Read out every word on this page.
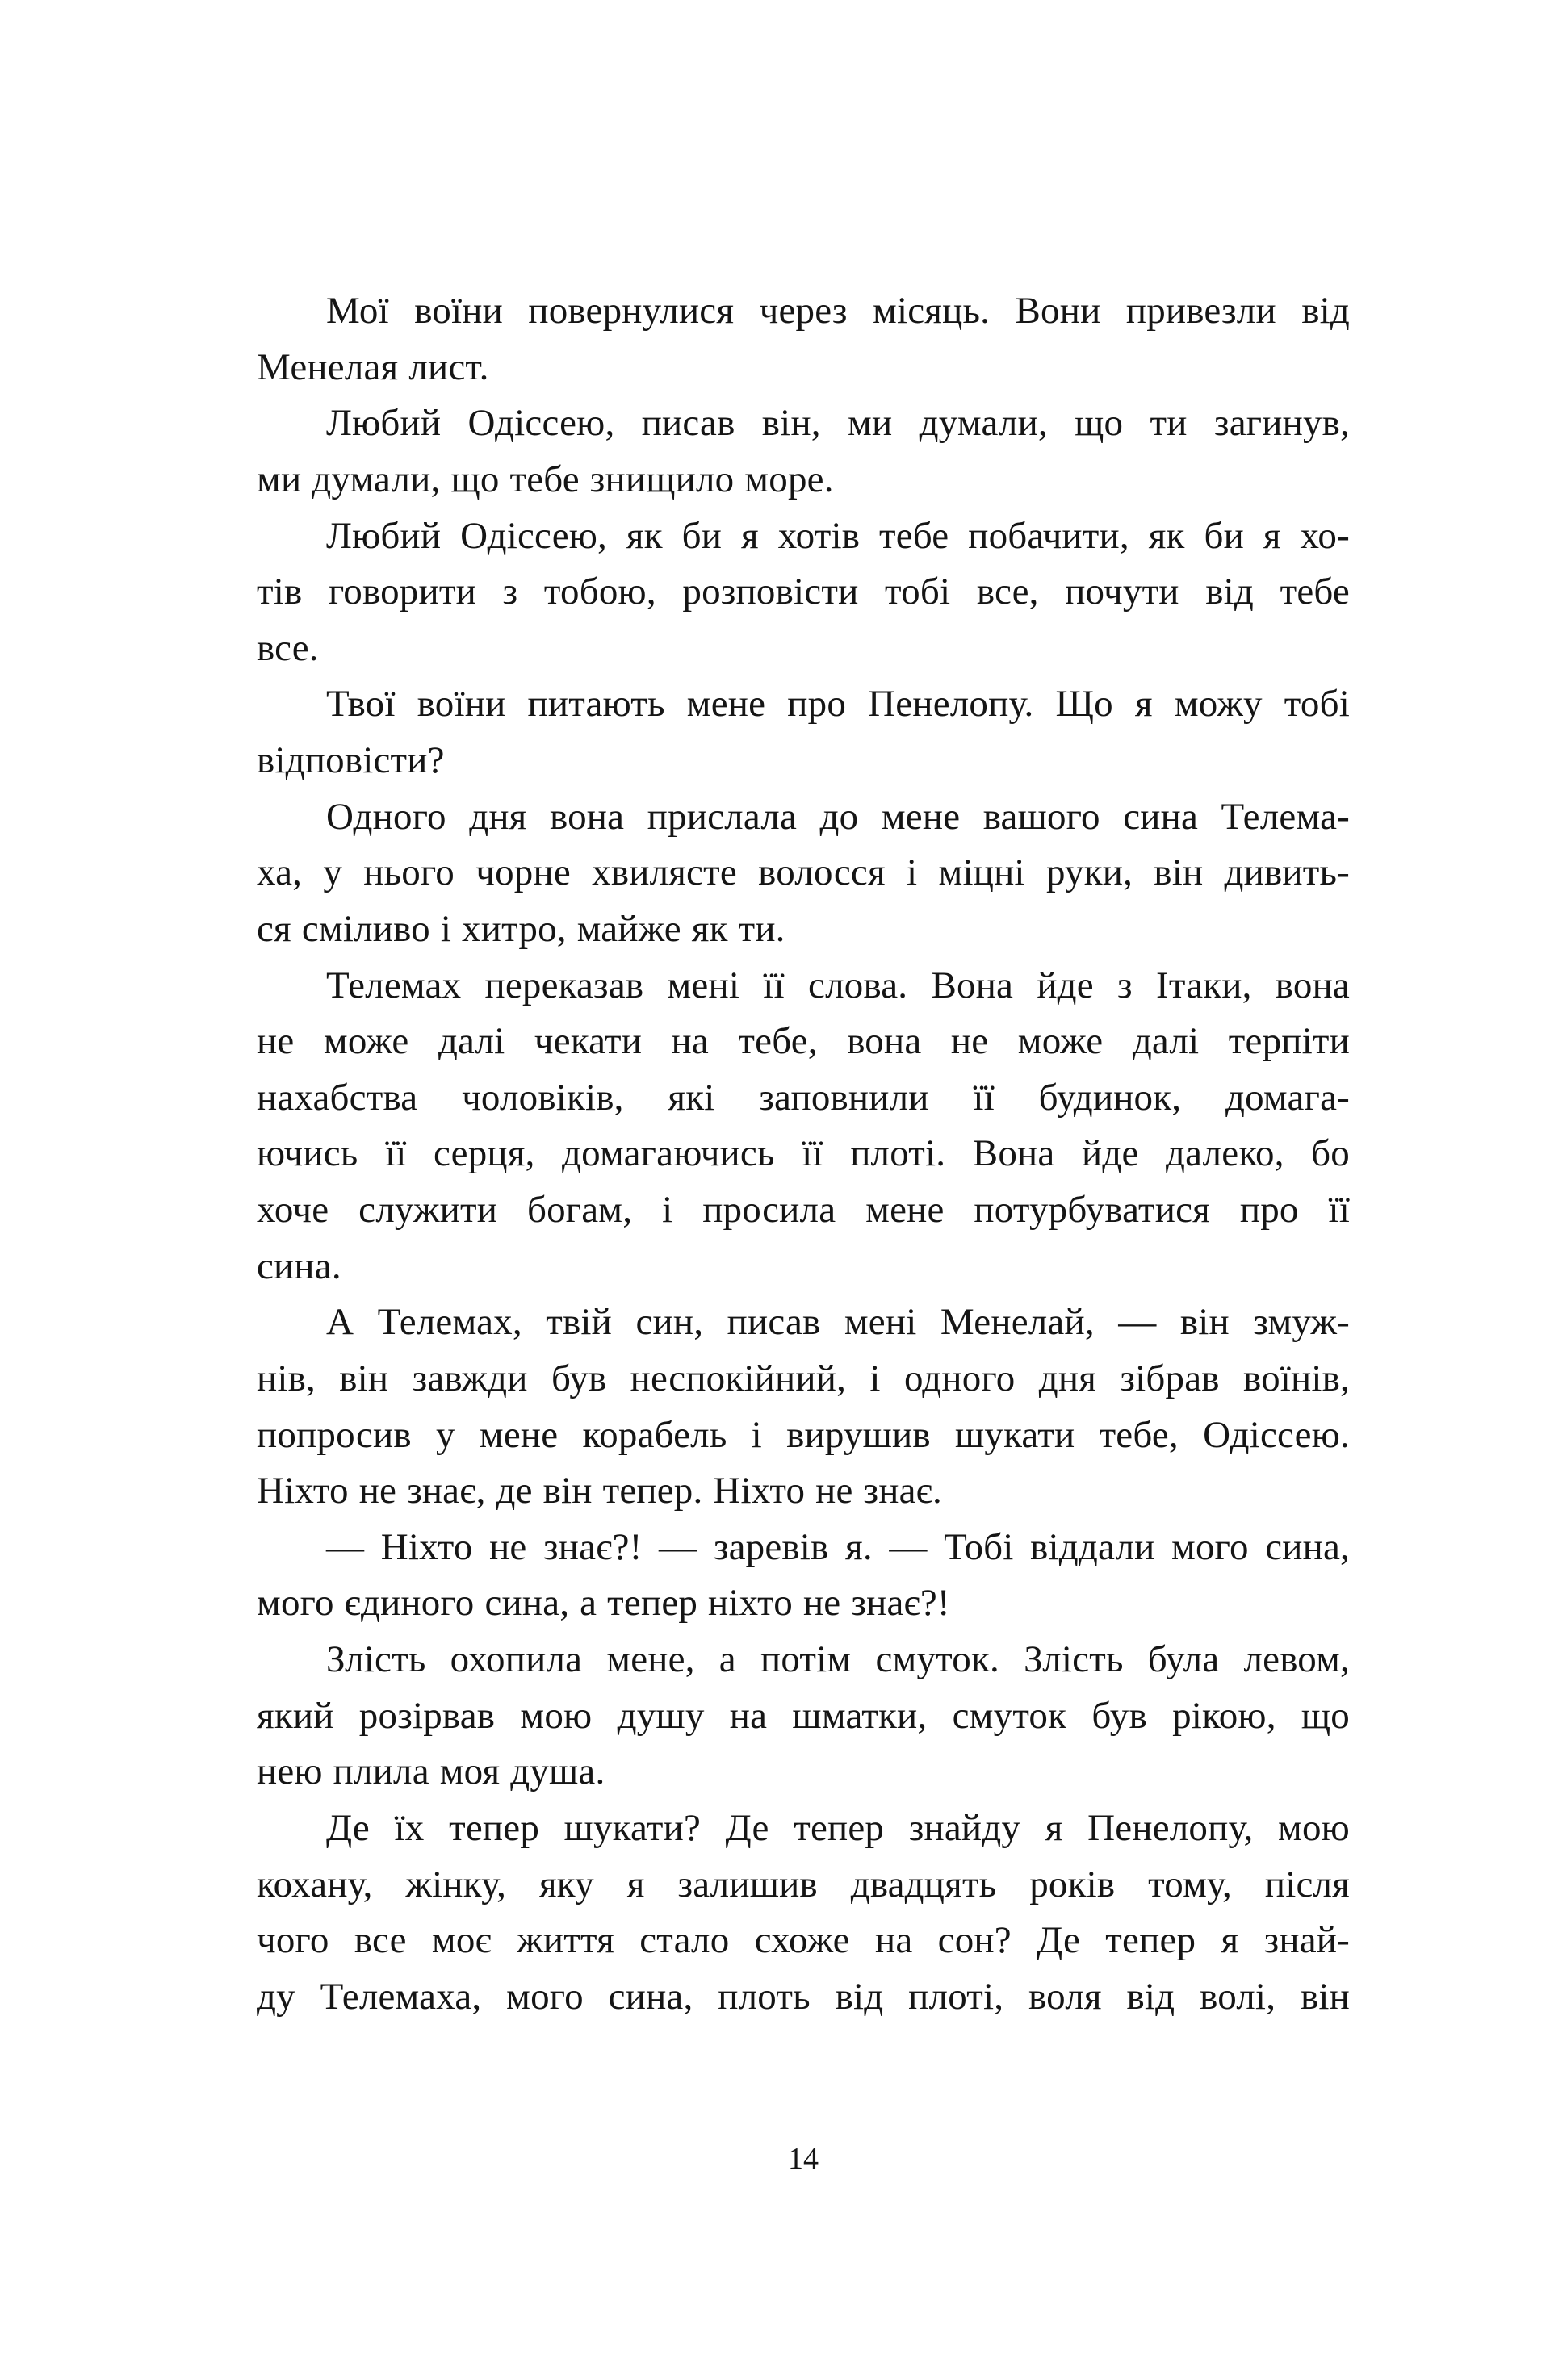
Мої воїни повернулися через місяць. Вони привезли від
Менелая лист.
Любий Одіссею, писав він, ми думали, що ти загинув,
ми думали, що тебе знищило море.
Любий Одіссею, як би я хотів тебе побачити, як би я хо-
тів говорити з тобою, розповісти тобі все, почути від тебе
все.
Твої воїни питають мене про Пенелопу. Що я можу тобі
відповісти?
Одного дня вона прислала до мене вашого сина Телема-
ха, у нього чорне хвилясте волосся і міцні руки, він дивить-
ся сміливо і хитро, майже як ти.
Телемах переказав мені її слова. Вона йде з Ітаки, вона
не може далі чекати на тебе, вона не може далі терпіти
нахабства чоловіків, які заповнили її будинок, домага-
ючись її серця, домагаючись її плоті. Вона йде далеко, бо
хоче служити богам, і просила мене потурбуватися про її
сина.
А Телемах, твій син, писав мені Менелай, — він змуж-
нів, він завжди був неспокійний, і одного дня зібрав воїнів,
попросив у мене корабель і вирушив шукати тебе, Одіссею.
Ніхто не знає, де він тепер. Ніхто не знає.
— Ніхто не знає?! — заревів я. — Тобі віддали мого сина,
мого єдиного сина, а тепер ніхто не знає?!
Злість охопила мене, а потім смуток. Злість була левом,
який розірвав мою душу на шматки, смуток був рікою, що
нею плила моя душа.
Де їх тепер шукати? Де тепер знайду я Пенелопу, мою
кохану, жінку, яку я залишив двадцять років тому, після
чого все моє життя стало схоже на сон? Де тепер я знай-
ду Телемаха, мого сина, плоть від плоті, воля від волі, він
14
